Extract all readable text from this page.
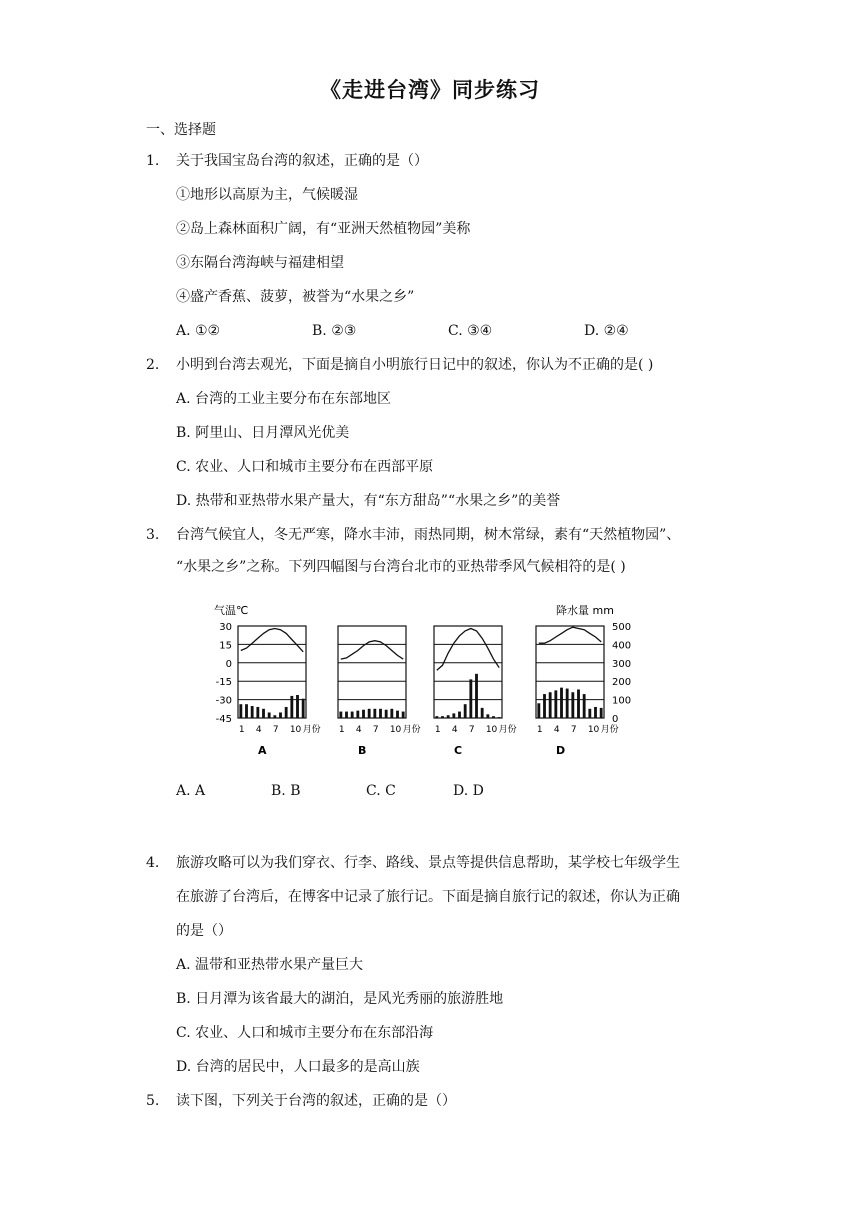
《走进台湾》同步练习
一、选择题
1. 关于我国宝岛台湾的叙述，正确的是（）
①地形以高原为主，气候暖湿
②岛上森林面积广阔，有“亚洲天然植物园”美称
③东隔台湾海峡与福建相望
④盛产香蕉、菠萝，被誉为“水果之乡”
A. ①②	B. ②③	C. ③④	D. ②④
2. 小明到台湾去观光，下面是摘自小明旅行日记中的叙述，你认为不正确的是( )
A. 台湾的工业主要分布在东部地区
B. 阿里山、日月潭风光优美
C. 农业、人口和城市主要分布在西部平原
D. 热带和亚热带水果产量大，有“东方甜岛”“水果之乡”的美誉
3. 台湾气候宜人，冬无严寒，降水丰沛，雨热同期，树木常绿，素有“天然植物园”、
“水果之乡”之称。下列四幅图与台湾台北市的亚热带季风气候相符的是( )
气温℃	降水量 mm
30
15
0
-15
-30
-45
500
400
300
200
100
0
1 4 7 10 月份
A
1 4 7 10 月份
B
1 4 7 10 月份
C
1 4 7 10 月份
D
A. A	B. B	C. C	D. D
4. 旅游攻略可以为我们穿衣、行李、路线、景点等提供信息帮助，某学校七年级学生
在旅游了台湾后，在博客中记录了旅行记。下面是摘自旅行记的叙述，你认为正确
的是（）
A. 温带和亚热带水果产量巨大
B. 日月潭为该省最大的湖泊，是风光秀丽的旅游胜地
C. 农业、人口和城市主要分布在东部沿海
D. 台湾的居民中，人口最多的是高山族
5. 读下图，下列关于台湾的叙述，正确的是（）
